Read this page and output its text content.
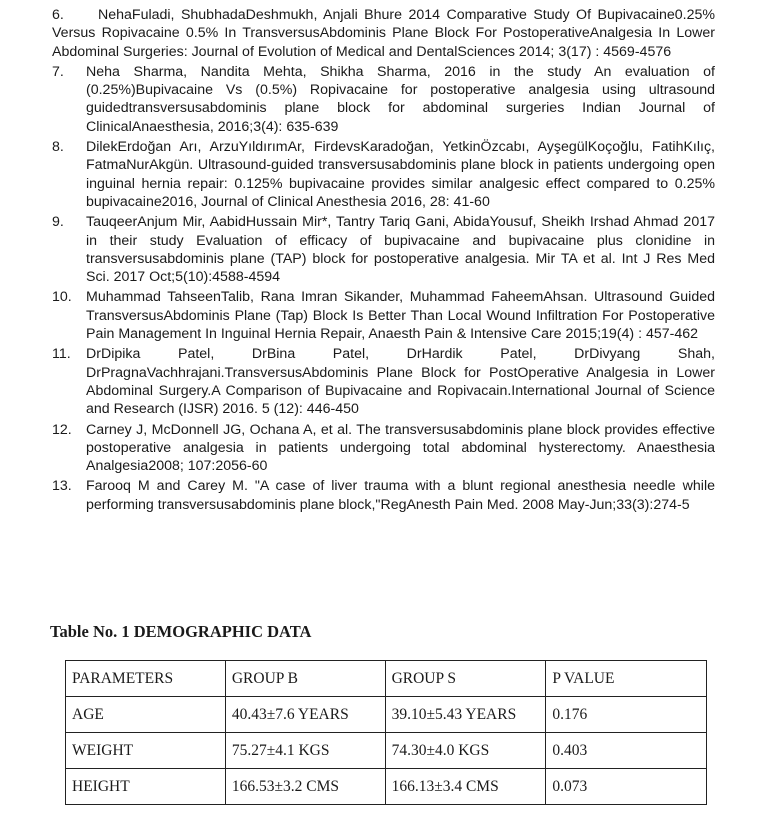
6. NehaFuladi, ShubhadaDeshmukh, Anjali Bhure 2014 Comparative Study Of Bupivacaine0.25% Versus Ropivacaine 0.5% In TransversusAbdominis Plane Block For PostoperativeAnalgesia In Lower Abdominal Surgeries: Journal of Evolution of Medical and DentalSciences 2014; 3(17) : 4569-4576
7.	Neha Sharma, Nandita Mehta, Shikha Sharma, 2016 in the study An evaluation of (0.25%)Bupivacaine Vs (0.5%) Ropivacaine for postoperative analgesia using ultrasound guidedtransversusabdominis plane block for abdominal surgeries Indian Journal of ClinicalAnaesthesia, 2016;3(4): 635-639
8.	DilekErdoğan Arı, ArzuYıldırımAr, FirdevsKaradoğan, YetkinÖzcabı, AyşegülKoçoğlu, FatihKılıç, FatmaNurAkgün. Ultrasound-guided transversusabdominis plane block in patients undergoing open inguinal hernia repair: 0.125% bupivacaine provides similar analgesic effect compared to 0.25% bupivacaine2016, Journal of Clinical Anesthesia 2016, 28: 41-60
9.	TauqeerAnjum Mir, AabidHussain Mir*, Tantry Tariq Gani, AbidaYousuf, Sheikh Irshad Ahmad 2017 in their study Evaluation of efficacy of bupivacaine and bupivacaine plus clonidine in transversusabdominis plane (TAP) block for postoperative analgesia. Mir TA et al. Int J Res Med Sci. 2017 Oct;5(10):4588-4594
10.	Muhammad TahseenTalib, Rana Imran Sikander, Muhammad FaheemAhsan. Ultrasound Guided TransversusAbdominis Plane (Tap) Block Is Better Than Local Wound Infiltration For Postoperative Pain Management In Inguinal Hernia Repair, Anaesth Pain & Intensive Care 2015;19(4) : 457-462
11.	DrDipika Patel, DrBina Patel, DrHardik Patel, DrDivyang Shah, DrPragnaVachhrajani.TransversusAbdominis Plane Block for PostOperative Analgesia in Lower Abdominal Surgery.A Comparison of Bupivacaine and Ropivacain.International Journal of Science and Research (IJSR) 2016. 5 (12): 446-450
12.	Carney J, McDonnell JG, Ochana A, et al. The transversusabdominis plane block provides effective postoperative analgesia in patients undergoing total abdominal hysterectomy. Anaesthesia Analgesia2008; 107:2056-60
13.	Farooq M and Carey M. "A case of liver trauma with a blunt regional anesthesia needle while performing transversusabdominis plane block,"RegAnesth Pain Med. 2008 May-Jun;33(3):274-5
Table No. 1 DEMOGRAPHIC DATA
PARAMETERS	GROUP B	GROUP S	P VALUE
AGE	40.43±7.6 YEARS	39.10±5.43 YEARS	0.176
WEIGHT	75.27±4.1 KGS	74.30±4.0 KGS	0.403
HEIGHT	166.53±3.2 CMS	166.13±3.4 CMS	0.073
